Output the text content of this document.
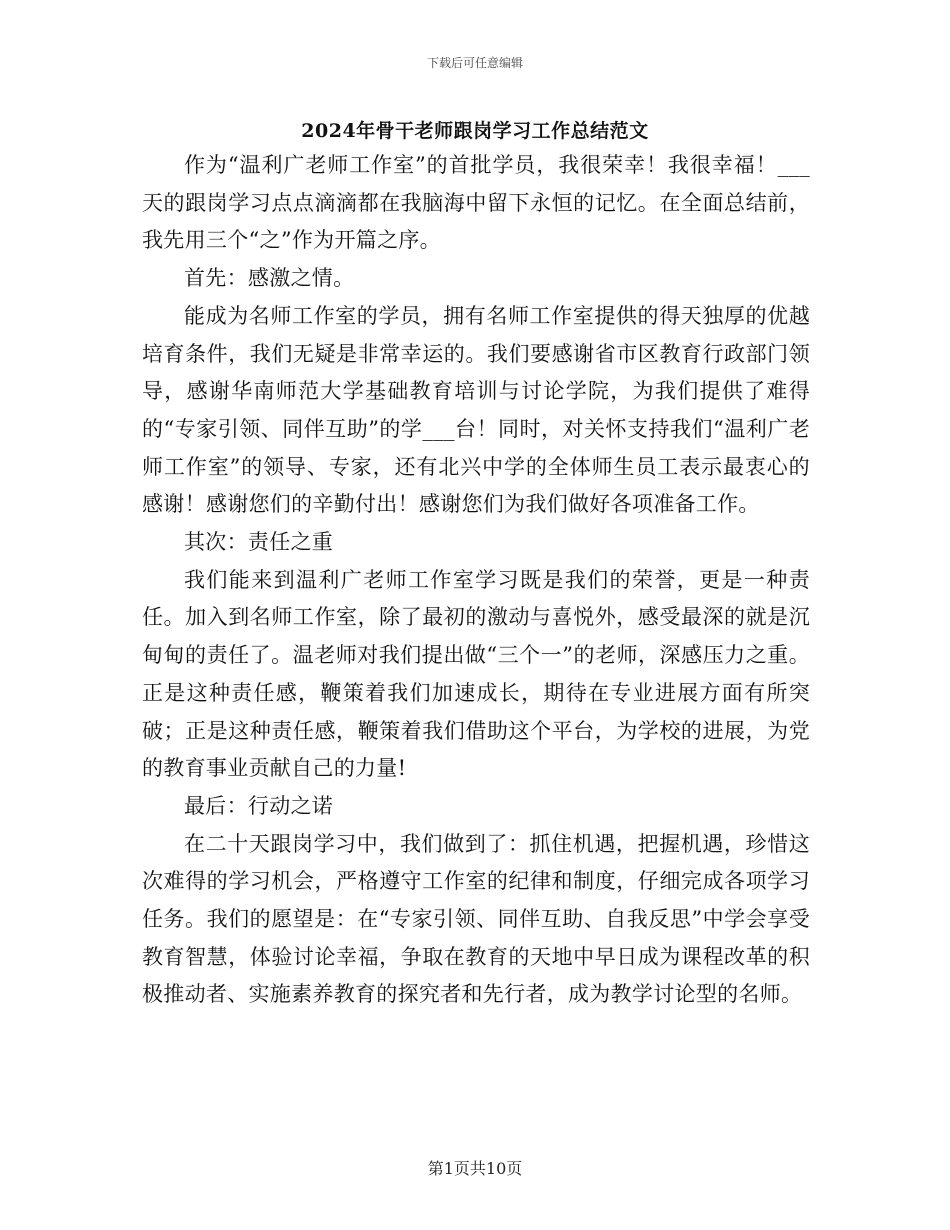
下载后可任意编辑
2024年骨干老师跟岗学习工作总结范文

作为“温利广老师工作室”的首批学员，我很荣幸！我很幸福！___天的跟岗学习点点滴滴都在我脑海中留下永恒的记忆。在全面总结前，我先用三个“之”作为开篇之序。

首先：感激之情。

能成为名师工作室的学员，拥有名师工作室提供的得天独厚的优越培育条件，我们无疑是非常幸运的。我们要感谢省市区教育行政部门领导，感谢华南师范大学基础教育培训与讨论学院，为我们提供了难得的“专家引领、同伴互助”的学___台！同时，对关怀支持我们“温利广老师工作室”的领导、专家，还有北兴中学的全体师生员工表示最衷心的感谢！感谢您们的辛勤付出！感谢您们为我们做好各项准备工作。

其次：责任之重

我们能来到温利广老师工作室学习既是我们的荣誉，更是一种责任。加入到名师工作室，除了最初的激动与喜悦外，感受最深的就是沉甸甸的责任了。温老师对我们提出做“三个一”的老师，深感压力之重。正是这种责任感，鞭策着我们加速成长，期待在专业进展方面有所突破；正是这种责任感，鞭策着我们借助这个平台，为学校的进展，为党的教育事业贡献自己的力量!

最后：行动之诺

在二十天跟岗学习中，我们做到了：抓住机遇，把握机遇，珍惜这次难得的学习机会，严格遵守工作室的纪律和制度，仔细完成各项学习任务。我们的愿望是：在“专家引领、同伴互助、自我反思”中学会享受教育智慧，体验讨论幸福，争取在教育的天地中早日成为课程改革的积极推动者、实施素养教育的探究者和先行者，成为教学讨论型的名师。

第1页共10页
